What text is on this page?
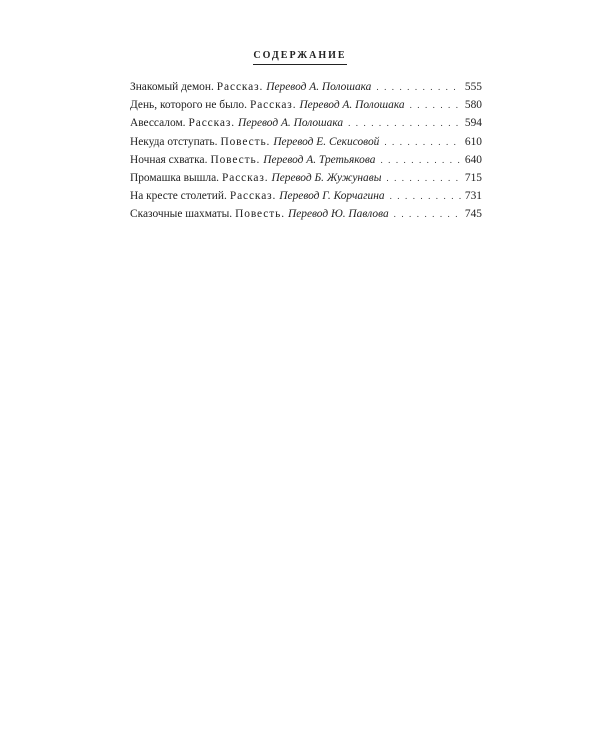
СОДЕРЖАНИЕ
Знакомый демон. Рассказ. Перевод А. Полошака . . .	555
День, которого не было. Рассказ. Перевод А. Полошака . . .	580
Авессалом. Рассказ. Перевод А. Полошака . . .	594
Некуда отступать. Повесть. Перевод Е. Секисовой . . .	610
Ночная схватка. Повесть. Перевод А. Третьякова . . .	640
Промашка вышла. Рассказ. Перевод Б. Жужунавы . . .	715
На кресте столетий. Рассказ. Перевод Г. Корчагина . . .	731
Сказочные шахматы. Повесть. Перевод Ю. Павлова . . .	745
